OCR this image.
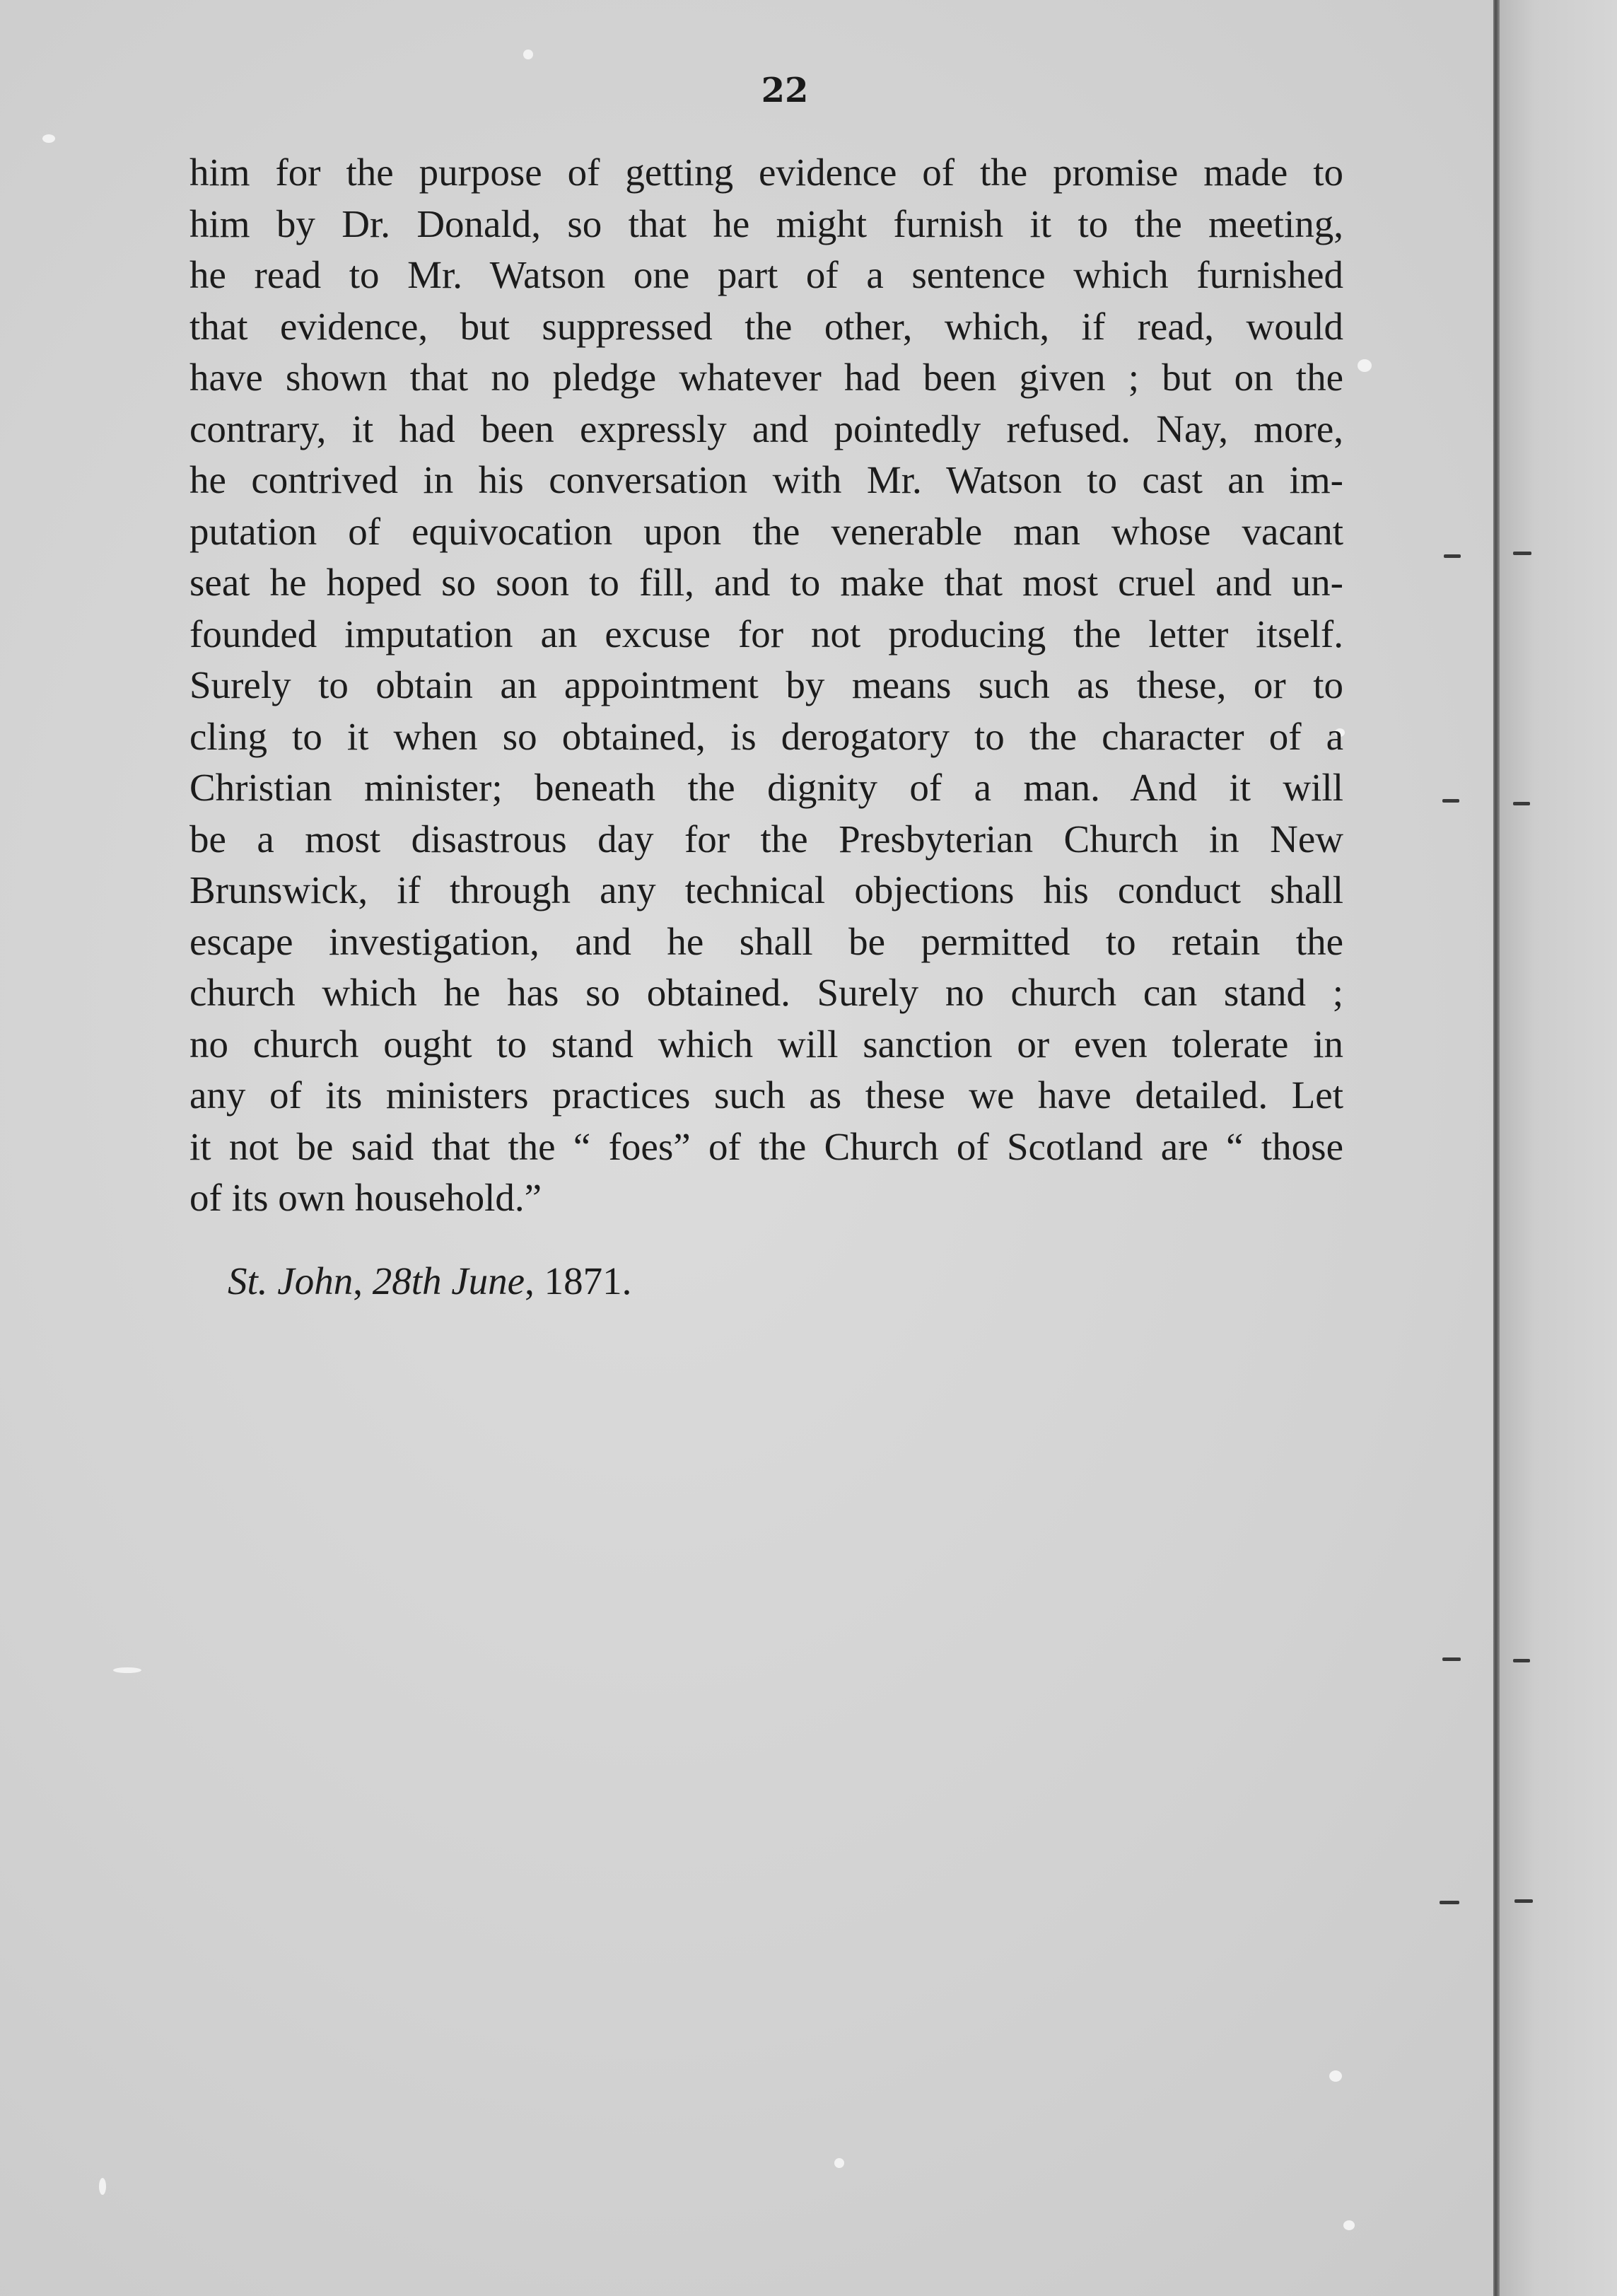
22
him for the purpose of getting evidence of the promise made to
him by Dr. Donald, so that he might furnish it to the meeting,
he read to Mr. Watson one part of a sentence which furnished
that evidence, but suppressed the other, which, if read, would
have shown that no pledge whatever had been given ; but on the
contrary, it had been expressly and pointedly refused. Nay, more,
he contrived in his conversation with Mr. Watson to cast an im-
putation of equivocation upon the venerable man whose vacant
seat he hoped so soon to fill, and to make that most cruel and un-
founded imputation an excuse for not producing the letter itself.
Surely to obtain an appointment by means such as these, or to
cling to it when so obtained, is derogatory to the character of a
Christian minister; beneath the dignity of a man. And it will
be a most disastrous day for the Presbyterian Church in New
Brunswick, if through any technical objections his conduct shall
escape investigation, and he shall be permitted to retain the
church which he has so obtained. Surely no church can stand ;
no church ought to stand which will sanction or even tolerate in
any of its ministers practices such as these we have detailed. Let
it not be said that the “ foes” of the Church of Scotland are “ those
of its own household.”
St. John, 28th June, 1871.
